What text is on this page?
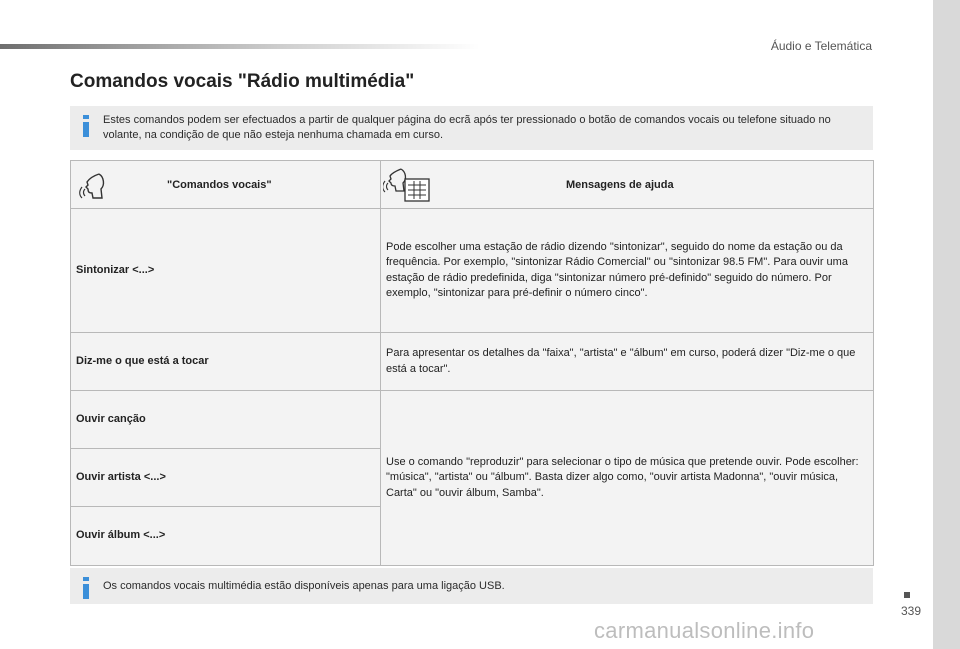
Áudio e Telemática
Comandos vocais "Rádio multimédia"
Estes comandos podem ser efectuados a partir de qualquer página do ecrã após ter pressionado o botão de comandos vocais ou telefone situado no volante, na condição de que não esteja nenhuma chamada em curso.
"Comandos vocais"	Mensagens de ajuda
Sintonizar <...>
Pode escolher uma estação de rádio dizendo "sintonizar", seguido do nome da estação ou da frequência. Por exemplo, "sintonizar Rádio Comercial" ou "sintonizar 98.5 FM". Para ouvir uma estação de rádio predefinida, diga "sintonizar número pré-definido" seguido do número. Por exemplo, "sintonizar para pré-definir o número cinco".
Diz-me o que está a tocar
Para apresentar os detalhes da "faixa", "artista" e "álbum" em curso, poderá dizer "Diz-me o que está a tocar".
Ouvir canção
Ouvir artista <...>
Ouvir álbum <...>
Use o comando "reproduzir" para selecionar o tipo de música que pretende ouvir. Pode escolher: "música", "artista" ou "álbum". Basta dizer algo como, "ouvir artista Madonna", "ouvir música, Carta" ou "ouvir álbum, Samba".
Os comandos vocais multimédia estão disponíveis apenas para uma ligação USB.
339
carmanualsonline.info
